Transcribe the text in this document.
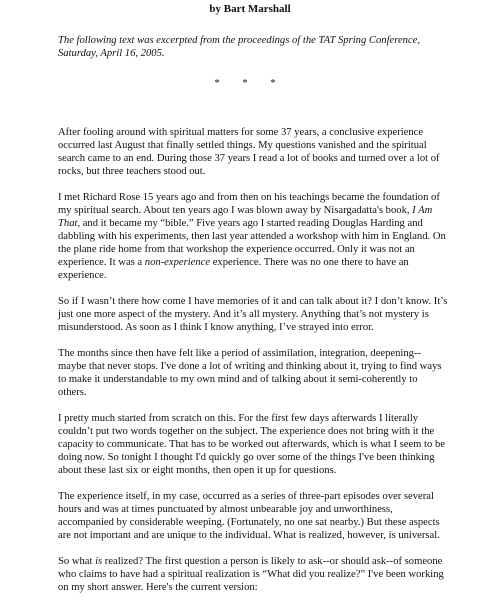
by Bart Marshall
The following text was excerpted from the proceedings of the TAT Spring Conference, Saturday, April 16, 2005.
* * *

After fooling around with spiritual matters for some 37 years, a conclusive experience occurred last August that finally settled things. My questions vanished and the spiritual search came to an end. During those 37 years I read a lot of books and turned over a lot of rocks, but three teachers stood out.

I met Richard Rose 15 years ago and from then on his teachings became the foundation of my spiritual search. About ten years ago I was blown away by Nisargadatta's book, I Am That, and it became my “bible.” Five years ago I started reading Douglas Harding and dabbling with his experiments, then last year attended a workshop with him in England. On the plane ride home from that workshop the experience occurred. Only it was not an experience. It was a non-experience experience. There was no one there to have an experience.

So if I wasn’t there how come I have memories of it and can talk about it? I don’t know. It’s just one more aspect of the mystery. And it’s all mystery. Anything that’s not mystery is misunderstood. As soon as I think I know anything, I’ve strayed into error.

The months since then have felt like a period of assimilation, integration, deepening--maybe that never stops. I've done a lot of writing and thinking about it, trying to find ways to make it understandable to my own mind and of talking about it semi-coherently to others.

I pretty much started from scratch on this. For the first few days afterwards I literally couldn’t put two words together on the subject. The experience does not bring with it the capacity to communicate. That has to be worked out afterwards, which is what I seem to be doing now. So tonight I thought I'd quickly go over some of the things I've been thinking about these last six or eight months, then open it up for questions.

The experience itself, in my case, occurred as a series of three-part episodes over several hours and was at times punctuated by almost unbearable joy and unworthiness, accompanied by considerable weeping. (Fortunately, no one sat nearby.) But these aspects are not important and are unique to the individual. What is realized, however, is universal.

So what is realized? The first question a person is likely to ask--or should ask--of someone who claims to have had a spiritual realization is “What did you realize?” I've been working on my short answer. Here's the current version:
